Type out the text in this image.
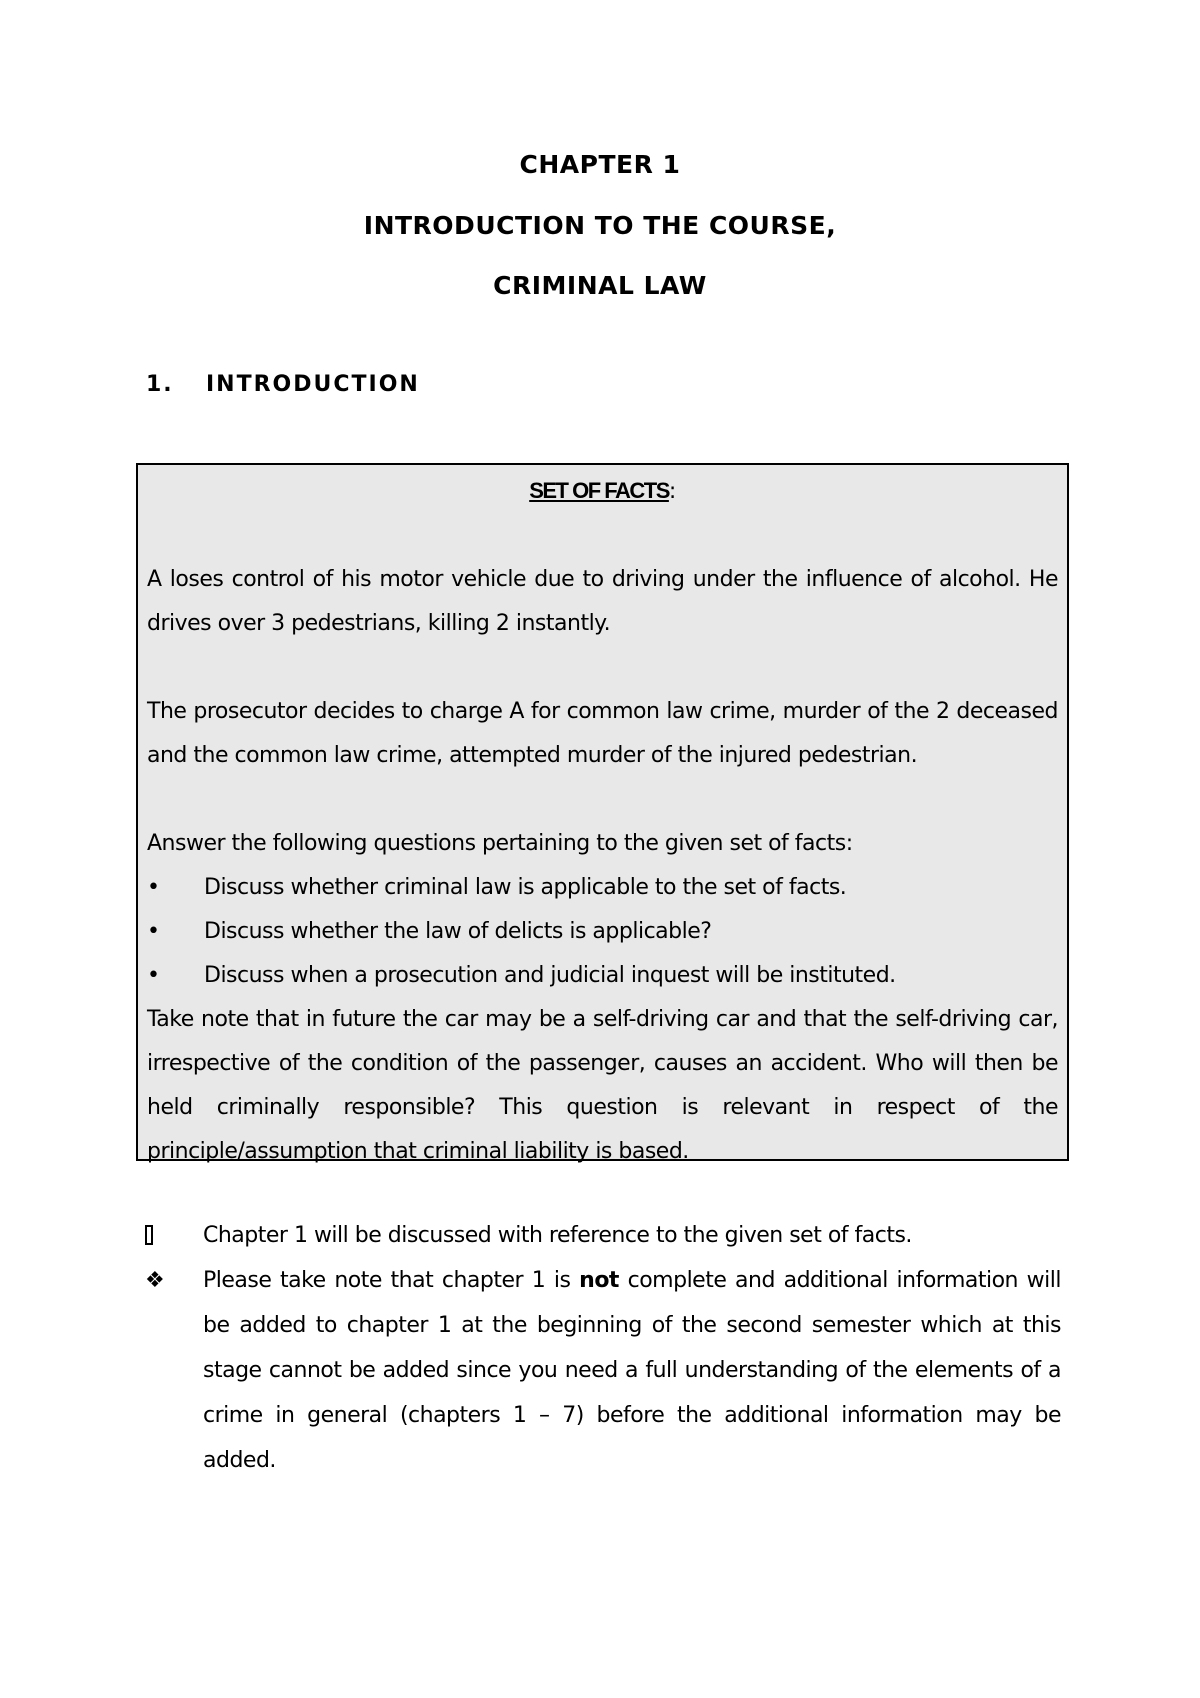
CHAPTER 1
INTRODUCTION TO THE COURSE,
CRIMINAL LAW
1. INTRODUCTION
SET OF FACTS:

A loses control of his motor vehicle due to driving under the influence of alcohol. He drives over 3 pedestrians, killing 2 instantly.

The prosecutor decides to charge A for common law crime, murder of the 2 deceased and the common law crime, attempted murder of the injured pedestrian.

Answer the following questions pertaining to the given set of facts:

•	Discuss whether criminal law is applicable to the set of facts.
•	Discuss whether the law of delicts is applicable?
•	Discuss when a prosecution and judicial inquest will be instituted.

Take note that in future the car may be a self-driving car and that the self-driving car, irrespective of the condition of the passenger, causes an accident. Who will then be held criminally responsible? This question is relevant in respect of the principle/assumption that criminal liability is based.

Chapter 1 will be discussed with reference to the given set of facts.
❖	Please take note that chapter 1 is not complete and additional information will be added to chapter 1 at the beginning of the second semester which at this stage cannot be added since you need a full understanding of the elements of a crime in general (chapters 1 – 7) before the additional information may be added.
